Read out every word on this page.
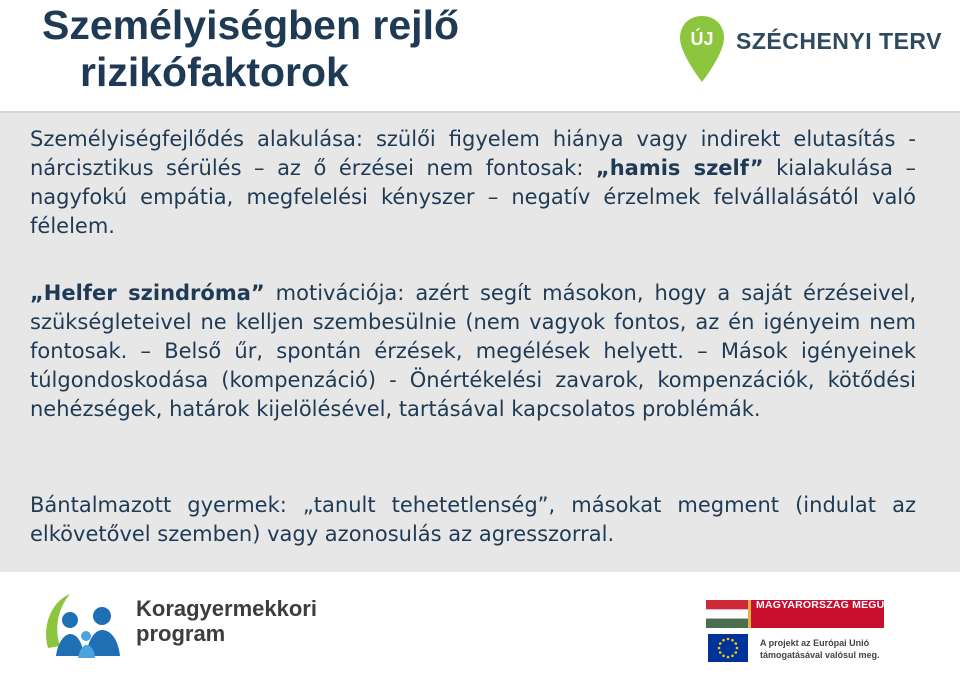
Személyiségben rejlő
rizikófaktorok
ÚJ SZÉCHENYI TERV

Személyiségfejlődés alakulása: szülői figyelem hiánya vagy indirekt elutasítás - nárcisztikus sérülés – az ő érzései nem fontosak: „hamis szelf” kialakulása – nagyfokú empátia, megfelelési kényszer – negatív érzelmek felvállalásától való félelem.

„Helfer szindróma” motivációja: azért segít másokon, hogy a saját érzéseivel, szükségleteivel ne kelljen szembesülnie (nem vagyok fontos, az én igényeim nem fontosak. – Belső űr, spontán érzések, megélések helyett. – Mások igényeinek túlgondoskodása (kompenzáció) - Önértékelési zavarok, kompenzációk, kötődési nehézségek, határok kijelölésével, tartásával kapcsolatos problémák.

Bántalmazott gyermek: „tanult tehetetlenség”, másokat megment (indulat az elkövetővel szemben) vagy azonosulás az agresszorral.

Koragyermekkori
program
MAGYARORSZÁG MEGÚJUL
A projekt az Európai Unió
támogatásával valósul meg.
